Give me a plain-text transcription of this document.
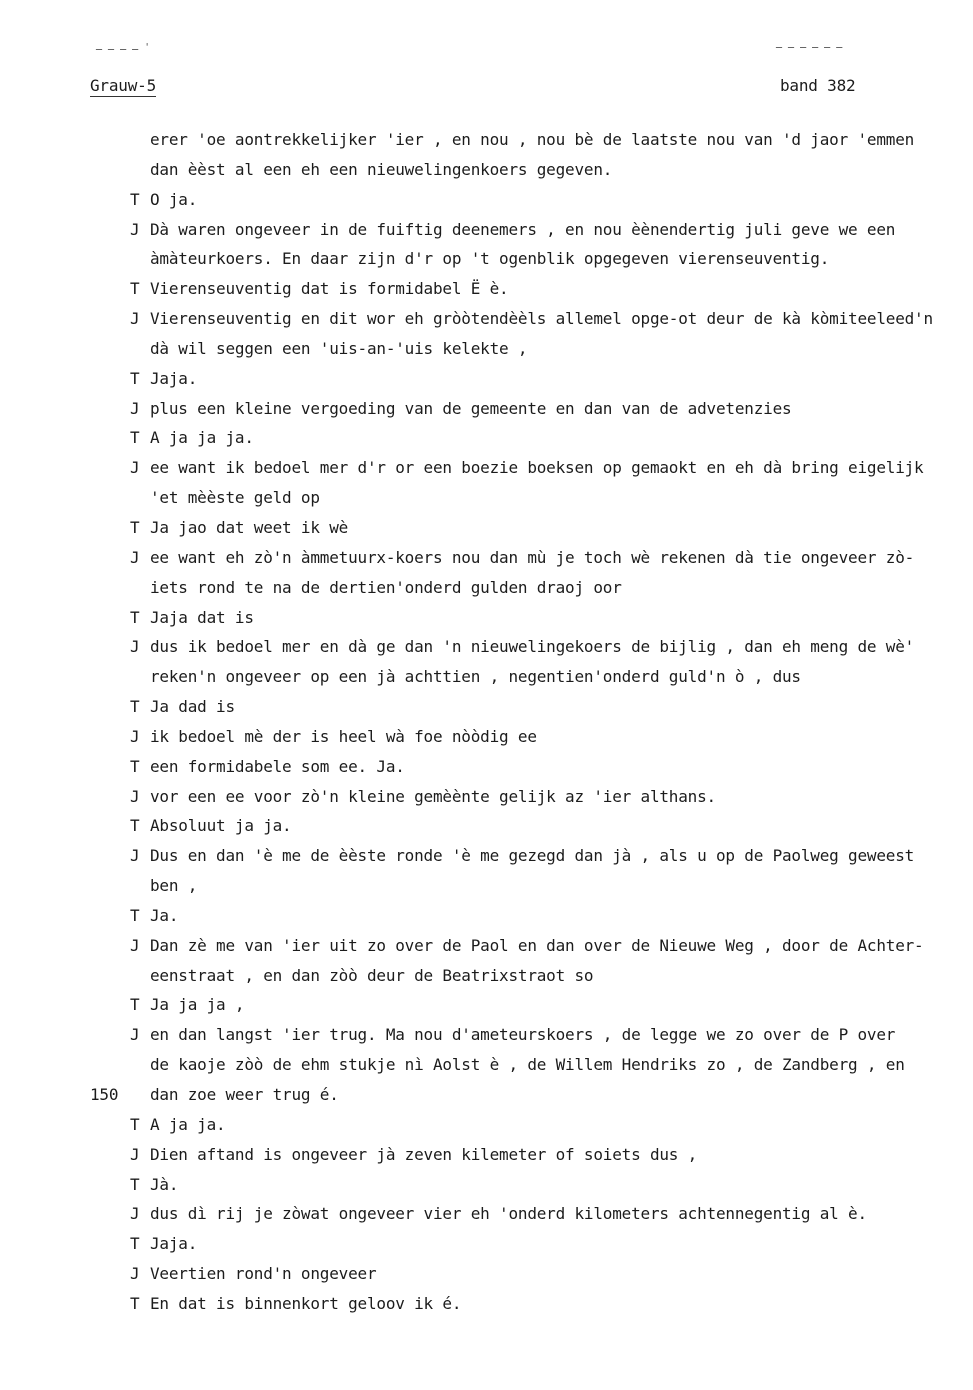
ـ ـ ـ ـ '	ـ ـ ـ ـ ـ ـ
Grauw-5	band 382
erer 'oe aontrekkelijker 'ier , en nou , nou bè de laatste nou van 'd jaor 'emmen
dan èèst al een eh een nieuwelingenkoers gegeven.
T O ja.
J Dà waren ongeveer in de fuiftig deenemers , en nou èènendertig juli geve we een
àmàteurkoers. En daar zijn d'r op 't ogenblik opgegeven vierenseuventig.
T Vierenseuventig dat is formidabel Ë è.
J Vierenseuventig en dit wor eh gròòtendèèls allemel opge-ot deur de kà kòmiteeleed'n
dà wil seggen een 'uis-an-'uis kelekte ,
T Jaja.
J plus een kleine vergoeding van de gemeente en dan van de advetenzies
T A ja ja ja.
J ee want ik bedoel mer d'r or een boezie boeksen op gemaokt en eh dà bring eigelijk
'et mèèste geld op
T Ja jao dat weet ik wè
J ee want eh zò'n àmmetuurx-koers nou dan mù je toch wè rekenen dà tie ongeveer zò-
iets rond te na de dertien'onderd gulden draoj oor
T Jaja dat is
J dus ik bedoel mer en dà ge dan 'n nieuwelingekoers de bijlig , dan eh meng de wè'
reken'n ongeveer op een jà achttien , negentien'onderd guld'n ò , dus
T Ja dad is
J ik bedoel mè der is heel wà foe nòòdig ee
T een formidabele som ee. Ja.
J vor een ee voor zò'n kleine gemèènte gelijk az 'ier althans.
T Absoluut ja ja.
J Dus en dan 'è me de èèste ronde 'è me gezegd dan jà , als u op de Paolweg geweest
ben ,
T Ja.
J Dan zè me van 'ier uit zo over de Paol en dan over de Nieuwe Weg , door de Achter-
eenstraat , en dan zòò deur de Beatrixstraot so
T Ja ja ja ,
J en dan langst 'ier trug. Ma nou d'ameteurskoers , de legge we zo over de P over
de kaoje zòò de ehm stukje nì Aolst è , de Willem Hendriks zo , de Zandberg , en
150 dan zoe weer trug é.
T A ja ja.
J Dien aftand is ongeveer jà zeven kilemeter of soiets dus ,
T Jà.
J dus dì rij je zòwat ongeveer vier eh 'onderd kilometers achtennegentig al è.
T Jaja.
J Veertien rond'n ongeveer
T En dat is binnenkort geloov ik é.
